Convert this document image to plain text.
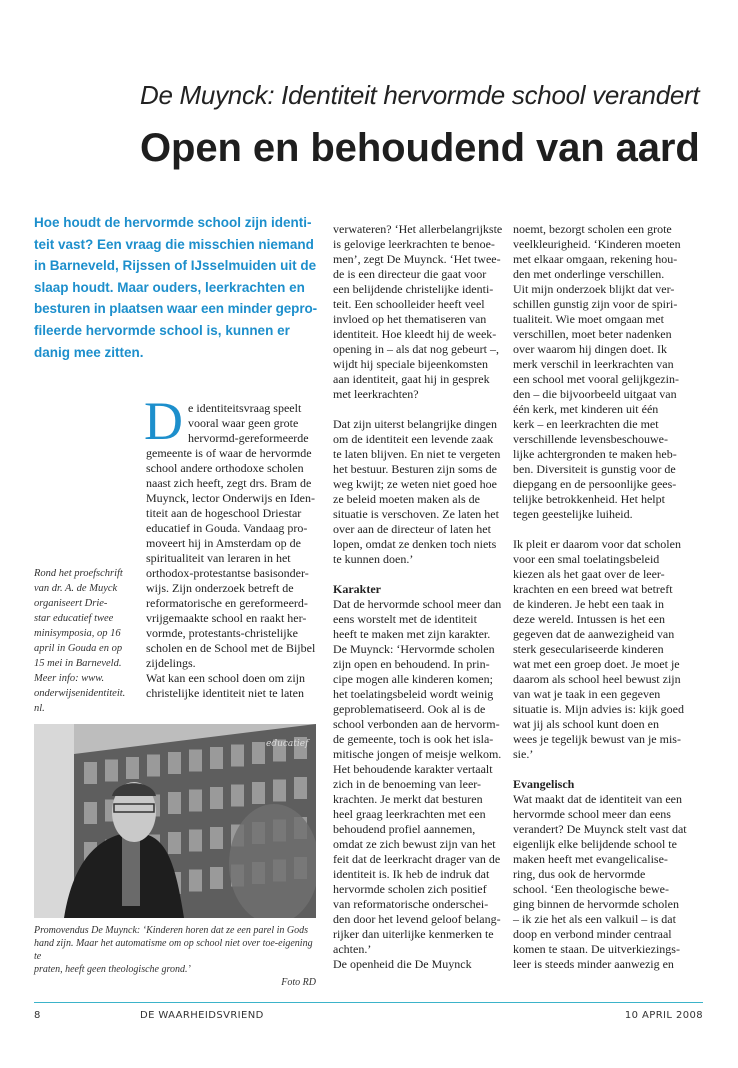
De Muynck: Identiteit hervormde school verandert
Open en behoudend van aard
Hoe houdt de hervormde school zijn identi-
teit vast? Een vraag die misschien niemand
in Barneveld, Rijssen of IJsselmuiden uit de
slaap houdt. Maar ouders, leerkrachten en
besturen in plaatsen waar een minder gepro-
fileerde hervormde school is, kunnen er
danig mee zitten.
D e identiteitsvraag speelt
vooral waar geen grote
hervormd-gereformeerde
gemeente is of waar de hervormde
school andere orthodoxe scholen
naast zich heeft, zegt drs. Bram de
Muynck, lector Onderwijs en Iden-
titeit aan de hogeschool Driestar
educatief in Gouda. Vandaag pro-
moveert hij in Amsterdam op de
spiritualiteit van leraren in het
orthodox-protestantse basisonder-
wijs. Zijn onderzoek betreft de
reformatorische en gereformeerd-
vrijgemaakte school en raakt her-
vormde, protestants-christelijke
scholen en de School met de Bijbel
zijdelings.
Wat kan een school doen om zijn
christelijke identiteit niet te laten
verwateren? ‘Het allerbelangrijkste
is gelovige leerkrachten te benoe-
men’, zegt De Muynck. ‘Het twee-
de is een directeur die gaat voor
een belijdende christelijke identi-
teit. Een schoolleider heeft veel
invloed op het thematiseren van
identiteit. Hoe kleedt hij de week-
opening in – als dat nog gebeurt –,
wijdt hij speciale bijeenkomsten
aan identiteit, gaat hij in gesprek
met leerkrachten?
Dat zijn uiterst belangrijke dingen
om de identiteit een levende zaak
te laten blijven. En niet te vergeten
het bestuur. Besturen zijn soms de
weg kwijt; ze weten niet goed hoe
ze beleid moeten maken als de
situatie is verschoven. Ze laten het
over aan de directeur of laten het
lopen, omdat ze denken toch niets
te kunnen doen.’
Karakter
Dat de hervormde school meer dan
eens worstelt met de identiteit
heeft te maken met zijn karakter.
De Muynck: ‘Hervormde scholen
zijn open en behoudend. In prin-
cipe mogen alle kinderen komen;
het toelatingsbeleid wordt weinig
geproblematiseerd. Ook al is de
school verbonden aan de hervorm-
de gemeente, toch is ook het isla-
mitische jongen of meisje welkom.
Het behoudende karakter vertaalt
zich in de benoeming van leer-
krachten. Je merkt dat besturen
heel graag leerkrachten met een
behoudend profiel aannemen,
omdat ze zich bewust zijn van het
feit dat de leerkracht drager van de
identiteit is. Ik heb de indruk dat
hervormde scholen zich positief
van reformatorische onderschei-
den door het levend geloof belang-
rijker dan uiterlijke kenmerken te
achten.’
De openheid die De Muynck
noemt, bezorgt scholen een grote
veelkleurigheid. ‘Kinderen moeten
met elkaar omgaan, rekening hou-
den met onderlinge verschillen.
Uit mijn onderzoek blijkt dat ver-
schillen gunstig zijn voor de spiri-
tualiteit. Wie moet omgaan met
verschillen, moet beter nadenken
over waarom hij dingen doet. Ik
merk verschil in leerkrachten van
een school met vooral gelijkgezin-
den – die bijvoorbeeld uitgaat van
één kerk, met kinderen uit één
kerk – en leerkrachten die met
verschillende levensbeschouwe-
lijke achtergronden te maken heb-
ben. Diversiteit is gunstig voor de
diepgang en de persoonlijke gees-
telijke betrokkenheid. Het helpt
tegen geestelijke luiheid.
Ik pleit er daarom voor dat scholen
voor een smal toelatingsbeleid
kiezen als het gaat over de leer-
krachten en een breed wat betreft
de kinderen. Je hebt een taak in
deze wereld. Intussen is het een
gegeven dat de aanwezigheid van
sterk geseculariseerde kinderen
wat met een groep doet. Je moet je
daarom als school heel bewust zijn
van wat je taak in een gegeven
situatie is. Mijn advies is: kijk goed
wat jij als school kunt doen en
wees je tegelijk bewust van je mis-
sie.’
Evangelisch
Wat maakt dat de identiteit van een
hervormde school meer dan eens
verandert? De Muynck stelt vast dat
eigenlijk elke belijdende school te
maken heeft met evangelicalise-
ring, dus ook de hervormde
school. ‘Een theologische bewe-
ging binnen de hervormde scholen
– ik zie het als een valkuil – is dat
doop en verbond minder centraal
komen te staan. De uitverkiezings-
leer is steeds minder aanwezig en
Rond het proefschrift
van dr. A. de Muyck
organiseert Drie-
star educatief twee
minisymposia, op 16
april in Gouda en op
15 mei in Barneveld.
Meer info: www.
onderwijsenidentiteit.
nl.
educatief
Promovendus De Muynck: ‘Kinderen horen dat ze een parel in Gods
hand zijn. Maar het automatisme om op school niet over toe-eigening te
praten, heeft geen theologische grond.’
Foto RD
8	DE WAARHEIDSVRIEND	10 APRIL 2008
